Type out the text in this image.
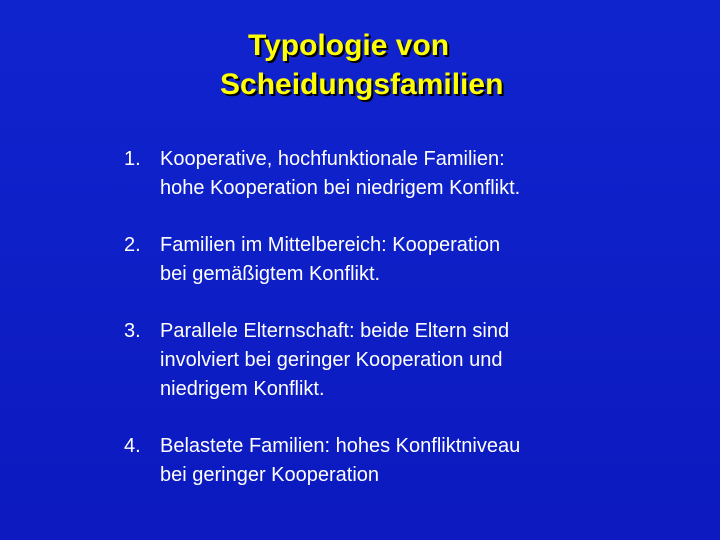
Typologie von
Scheidungsfamilien
1. Kooperative, hochfunktionale Familien:
hohe Kooperation bei niedrigem Konflikt.
2. Familien im Mittelbereich: Kooperation
bei gemäßigtem Konflikt.
3. Parallele Elternschaft: beide Eltern sind
involviert bei geringer Kooperation und
niedrigem Konflikt.
4. Belastete Familien: hohes Konfliktniveau
bei geringer Kooperation
